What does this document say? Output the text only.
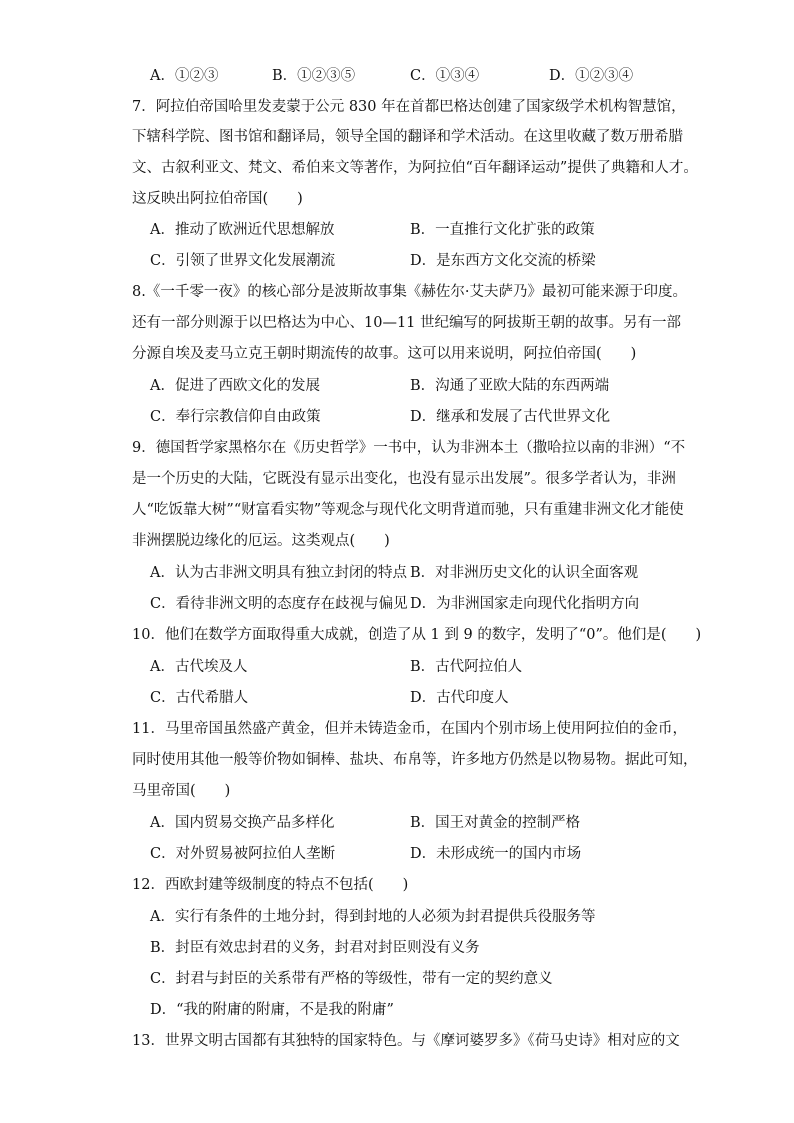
A．①②③	B．①②③⑤	C．①③④	D．①②③④
7．阿拉伯帝国哈里发麦蒙于公元 830 年在首都巴格达创建了国家级学术机构智慧馆，
下辖科学院、图书馆和翻译局，领导全国的翻译和学术活动。在这里收藏了数万册希腊
文、古叙利亚文、梵文、希伯来文等著作，为阿拉伯“百年翻译运动”提供了典籍和人才。
这反映出阿拉伯帝国(　　)
A．推动了欧洲近代思想解放	B．一直推行文化扩张的政策
C．引领了世界文化发展潮流	D．是东西方文化交流的桥梁
8.《一千零一夜》的核心部分是波斯故事集《赫佐尔·艾夫萨乃》最初可能来源于印度。
还有一部分则源于以巴格达为中心、10—11 世纪编写的阿拔斯王朝的故事。另有一部
分源自埃及麦马立克王朝时期流传的故事。这可以用来说明，阿拉伯帝国(　　)
A．促进了西欧文化的发展	B．沟通了亚欧大陆的东西两端
C．奉行宗教信仰自由政策	D．继承和发展了古代世界文化
9．德国哲学家黑格尔在《历史哲学》一书中，认为非洲本土（撒哈拉以南的非洲）“不
是一个历史的大陆，它既没有显示出变化，也没有显示出发展”。很多学者认为，非洲
人“吃饭靠大树”“财富看实物”等观念与现代化文明背道而驰，只有重建非洲文化才能使
非洲摆脱边缘化的厄运。这类观点(　　)
A．认为古非洲文明具有独立封闭的特点 B．对非洲历史文化的认识全面客观
C．看待非洲文明的态度存在歧视与偏见 D．为非洲国家走向现代化指明方向
10．他们在数学方面取得重大成就，创造了从 1 到 9 的数字，发明了“0”。他们是(　　)
A．古代埃及人	B．古代阿拉伯人
C．古代希腊人	D．古代印度人
11．马里帝国虽然盛产黄金，但并未铸造金币，在国内个别市场上使用阿拉伯的金币，
同时使用其他一般等价物如铜棒、盐块、布帛等，许多地方仍然是以物易物。据此可知，
马里帝国(　　)
A．国内贸易交换产品多样化	B．国王对黄金的控制严格
C．对外贸易被阿拉伯人垄断	D．未形成统一的国内市场
12．西欧封建等级制度的特点不包括(　　)
A．实行有条件的土地分封，得到封地的人必须为封君提供兵役服务等
B．封臣有效忠封君的义务，封君对封臣则没有义务
C．封君与封臣的关系带有严格的等级性，带有一定的契约意义
D．“我的附庸的附庸，不是我的附庸”
13．世界文明古国都有其独特的国家特色。与《摩诃婆罗多》《荷马史诗》相对应的文
